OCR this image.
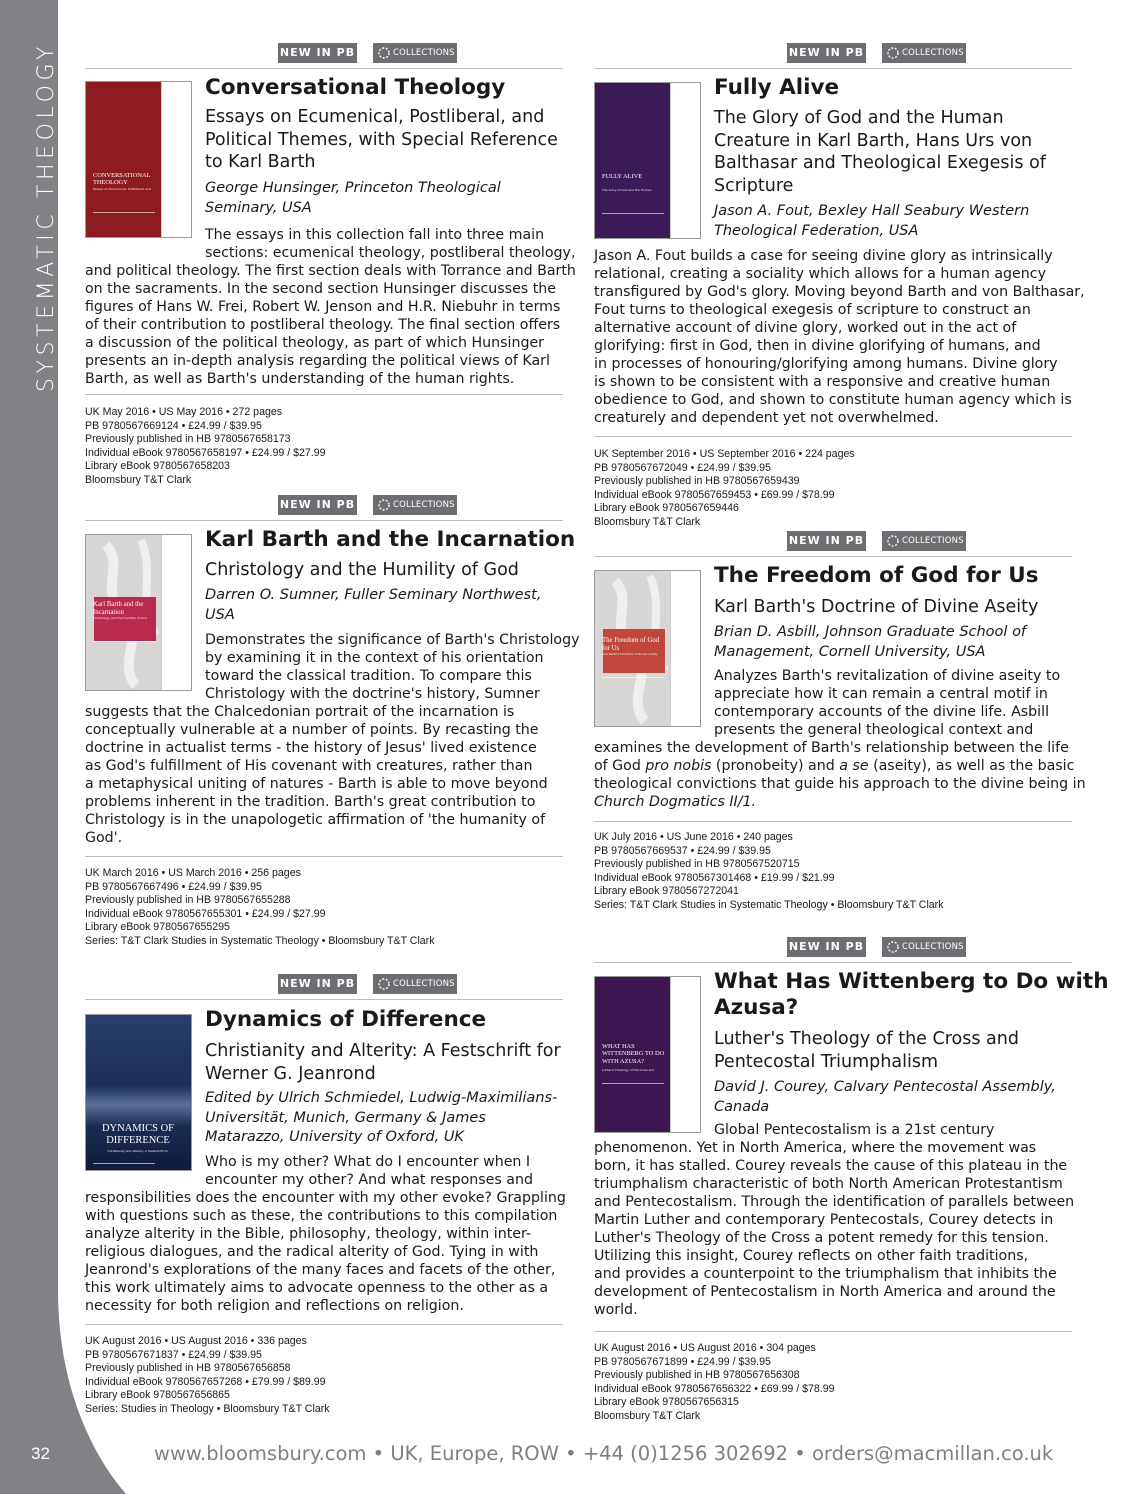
SYSTEMATIC THEOLOGY
32
NEW IN PB	COLLECTIONS
CONVERSATIONAL THEOLOGY
Essays on Ecumenical, Postliberal, and
Conversational Theology
Essays on Ecumenical, Postliberal, and
Political Themes, with Special Reference
to Karl Barth
George Hunsinger, Princeton Theological
Seminary, USA
The essays in this collection fall into three main
sections: ecumenical theology, postliberal theology,
and political theology. The first section deals with Torrance and Barth
on the sacraments. In the second section Hunsinger discusses the
figures of Hans W. Frei, Robert W. Jenson and H.R. Niebuhr in terms
of their contribution to postliberal theology. The final section offers
a discussion of the political theology, as part of which Hunsinger
presents an in-depth analysis regarding the political views of Karl
Barth, as well as Barth's understanding of the human rights.
UK May 2016 • US May 2016 • 272 pages
PB 9780567669124 • £24.99 / $39.95
Previously published in HB 9780567658173
Individual eBook 9780567658197 • £24.99 / $27.99
Library eBook 9780567658203
Bloomsbury T&T Clark
NEW IN PB	COLLECTIONS
Karl Barth and the Incarnation
Christology and the Humility of God
Karl Barth and the Incarnation
Christology and the Humility of God
Darren O. Sumner, Fuller Seminary Northwest,
USA
Demonstrates the significance of Barth's Christology
by examining it in the context of his orientation
toward the classical tradition. To compare this
Christology with the doctrine's history, Sumner
suggests that the Chalcedonian portrait of the incarnation is
conceptually vulnerable at a number of points. By recasting the
doctrine in actualist terms - the history of Jesus' lived existence
as God's fulfillment of His covenant with creatures, rather than
a metaphysical uniting of natures - Barth is able to move beyond
problems inherent in the tradition. Barth's great contribution to
Christology is in the unapologetic affirmation of 'the humanity of
God'.
UK March 2016 • US March 2016 • 256 pages
PB 9780567667496 • £24.99 / $39.95
Previously published in HB 9780567655288
Individual eBook 9780567655301 • £24.99 / $27.99
Library eBook 9780567655295
Series: T&T Clark Studies in Systematic Theology • Bloomsbury T&T Clark
NEW IN PB	COLLECTIONS
DYNAMICS OF DIFFERENCE
Christianity and Alterity: A Festschrift for
Dynamics of Difference
Christianity and Alterity: A Festschrift for
Werner G. Jeanrond
Edited by Ulrich Schmiedel, Ludwig-Maximilians-
Universität, Munich, Germany & James
Matarazzo, University of Oxford, UK
Who is my other? What do I encounter when I
encounter my other? And what responses and
responsibilities does the encounter with my other evoke? Grappling
with questions such as these, the contributions to this compilation
analyze alterity in the Bible, philosophy, theology, within inter-
religious dialogues, and the radical alterity of God. Tying in with
Jeanrond's explorations of the many faces and facets of the other,
this work ultimately aims to advocate openness to the other as a
necessity for both religion and reflections on religion.
UK August 2016 • US August 2016 • 336 pages
PB 9780567671837 • £24.99 / $39.95
Previously published in HB 9780567656858
Individual eBook 9780567657268 • £79.99 / $89.99
Library eBook 9780567656865
Series: Studies in Theology • Bloomsbury T&T Clark
NEW IN PB	COLLECTIONS
FULLY ALIVE
The Glory of God and the Human
Fully Alive
The Glory of God and the Human
Creature in Karl Barth, Hans Urs von
Balthasar and Theological Exegesis of
Scripture
Jason A. Fout, Bexley Hall Seabury Western
Theological Federation, USA
Jason A. Fout builds a case for seeing divine glory as intrinsically
relational, creating a sociality which allows for a human agency
transfigured by God's glory. Moving beyond Barth and von Balthasar,
Fout turns to theological exegesis of scripture to construct an
alternative account of divine glory, worked out in the act of
glorifying: first in God, then in divine glorifying of humans, and
in processes of honouring/glorifying among humans. Divine glory
is shown to be consistent with a responsive and creative human
obedience to God, and shown to constitute human agency which is
creaturely and dependent yet not overwhelmed.
UK September 2016 • US September 2016 • 224 pages
PB 9780567672049 • £24.99 / $39.95
Previously published in HB 9780567659439
Individual eBook 9780567659453 • £69.99 / $78.99
Library eBook 9780567659446
Bloomsbury T&T Clark
NEW IN PB	COLLECTIONS
The Freedom of God for Us
Karl Barth's Doctrine of Divine Aseity
The Freedom of God for Us
Karl Barth's Doctrine of Divine Aseity
Brian D. Asbill, Johnson Graduate School of
Management, Cornell University, USA
Analyzes Barth's revitalization of divine aseity to
appreciate how it can remain a central motif in
contemporary accounts of the divine life. Asbill
presents the general theological context and
examines the development of Barth's relationship between the life
of God pro nobis (pronobeity) and a se (aseity), as well as the basic
theological convictions that guide his approach to the divine being in
Church Dogmatics II/1.
UK July 2016 • US June 2016 • 240 pages
PB 9780567669537 • £24.99 / $39.95
Previously published in HB 9780567520715
Individual eBook 9780567301468 • £19.99 / $21.99
Library eBook 9780567272041
Series: T&T Clark Studies in Systematic Theology • Bloomsbury T&T Clark
NEW IN PB	COLLECTIONS
WHAT HAS WITTENBERG TO DO WITH AZUSA?
Luther's Theology of the Cross and
What Has Wittenberg to Do with
Azusa?
Luther's Theology of the Cross and
Pentecostal Triumphalism
David J. Courey, Calvary Pentecostal Assembly,
Canada
Global Pentecostalism is a 21st century
phenomenon. Yet in North America, where the movement was
born, it has stalled. Courey reveals the cause of this plateau in the
triumphalism characteristic of both North American Protestantism
and Pentecostalism. Through the identification of parallels between
Martin Luther and contemporary Pentecostals, Courey detects in
Luther's Theology of the Cross a potent remedy for this tension.
Utilizing this insight, Courey reflects on other faith traditions,
and provides a counterpoint to the triumphalism that inhibits the
development of Pentecostalism in North America and around the
world.
UK August 2016 • US August 2016 • 304 pages
PB 9780567671899 • £24.99 / $39.95
Previously published in HB 9780567656308
Individual eBook 9780567656322 • £69.99 / $78.99
Library eBook 9780567656315
Bloomsbury T&T Clark
www.bloomsbury.com • UK, Europe, ROW • +44 (0)1256 302692 • orders@macmillan.co.uk
